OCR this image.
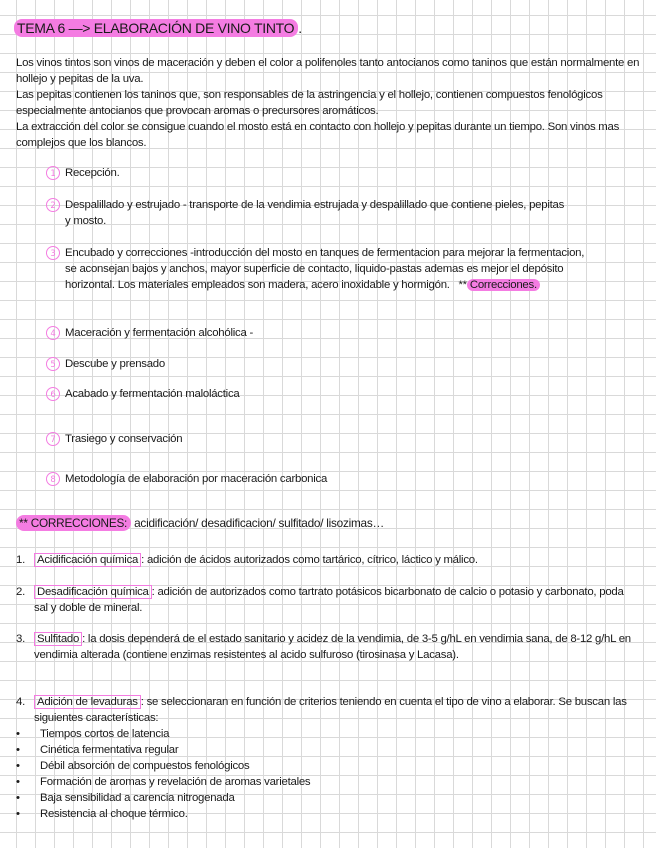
TEMA 6 —> ELABORACIÓN DE VINO TINTO .

Los vinos tintos son vinos de maceración y deben el color a polifenoles tanto antocianos como taninos que están normalmente en hollejo y pepitas de la uva.

Las pepitas contienen los taninos que, son responsables de la astringencia y el hollejo, contienen compuestos fenológicos especialmente antocianos que provocan aromas o precursores aromáticos.

La extracción del color se consigue cuando el mosto está en contacto con hollejo y pepitas durante un tiempo. Son vinos mas complejos que los blancos.

1 Recepción.
2 Despalillado y estrujado - transporte de la vendimia estrujada y despalillado que contiene pieles, pepitas y mosto.
3 Encubado y correcciones -introducción del mosto en tanques de fermentacion para mejorar la fermentacion, se aconsejan bajos y anchos, mayor superficie de contacto, liquido-pastas ademas es mejor el depósito horizontal. Los materiales empleados son madera, acero inoxidable y hormigón. ** Correcciones.
4 Maceración y fermentación alcohólica -
5 Descube y prensado
6 Acabado y fermentación maloláctica
7 Trasiego y conservación
8 Metodología de elaboración por maceración carbonica
** CORRECCIONES: acidificación/ desadificacion/ sulfitado/ lisozimas…
1.	Acidificación química : adición de ácidos autorizados como tartárico, cítrico, láctico y málico.
2.	Desadificación química : adición de autorizados como tartrato potásicos bicarbonato de calcio o potasio y carbonato, poda sal y doble de mineral.
3.	Sulfitado : la dosis dependerá de el estado sanitario y acidez de la vendimia, de 3-5 g/hL en vendimia sana, de 8-12 g/hL en vendimia alterada (contiene enzimas resistentes al acido sulfuroso (tirosinasa y Lacasa).
4.	Adición de levaduras : se seleccionaran en función de criterios teniendo en cuenta el tipo de vino a elaborar. Se buscan las siguientes características:
•	Tiempos cortos de latencia
•	Cinética fermentativa regular
•	Débil absorción de compuestos fenológicos
•	Formación de aromas y revelación de aromas varietales
•	Baja sensibilidad a carencia nitrogenada
•	Resistencia al choque térmico.
